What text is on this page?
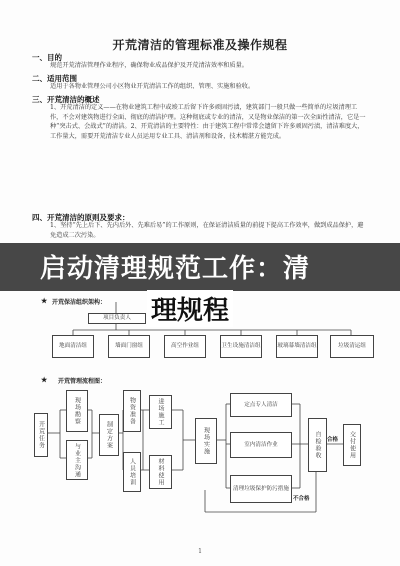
开荒清洁的管理标准及操作规程
一、目的
规范开荒清洁管理作业程序，确保物业成品保护及开荒清洁效率和质量。
二、适用范围
适用于各物业管理公司小区物业开荒清洁工作的组织、管理、实施和验收。
三、开荒清洁的概述
1、开荒清洁的定义——在物业建筑工程中或竣工后留下许多顽固污渍，建筑部门一般只做一些简单的垃圾清理工作，不会对建筑物进行全面、彻底的清洁护理。这种彻底或专业的清洁，又是物业保洁的第一次全面性清洁，它是一种“突击式、会战式”的清洁。2、开荒清洁的主要特性：由于建筑工程中常常会遗留下许多顽固污渍，清洁难度大，工作量大，需要开荒清洁专业人员运用专业工具、清洁剂和设备，技术精湛方能完成。
四、开荒清洁的原则及要求：
1、坚持“先上后下、先内后外、先难后易”的工作原则，在保证清洁质量的前提下提高工作效率，做到成品保护，避免造成二次污染。
启动清理规范工作：清
理规程
★ 开荒保洁组织架构：
项目负责人
地面清洁组	墙面门窗组	高空作业组	卫生设施清洁组	玻璃幕墙清洁组	垃圾清运组
★ 开荒管理流程图：
开荒任务
现场勘察
与业主沟通
制定方案
物资准备
人员培训
进场施工
材料使用
现场实施
定点专人清洁
室内清洁作业
清理垃圾保护防污措施
自检验收	交付使用
合格
不合格
1
